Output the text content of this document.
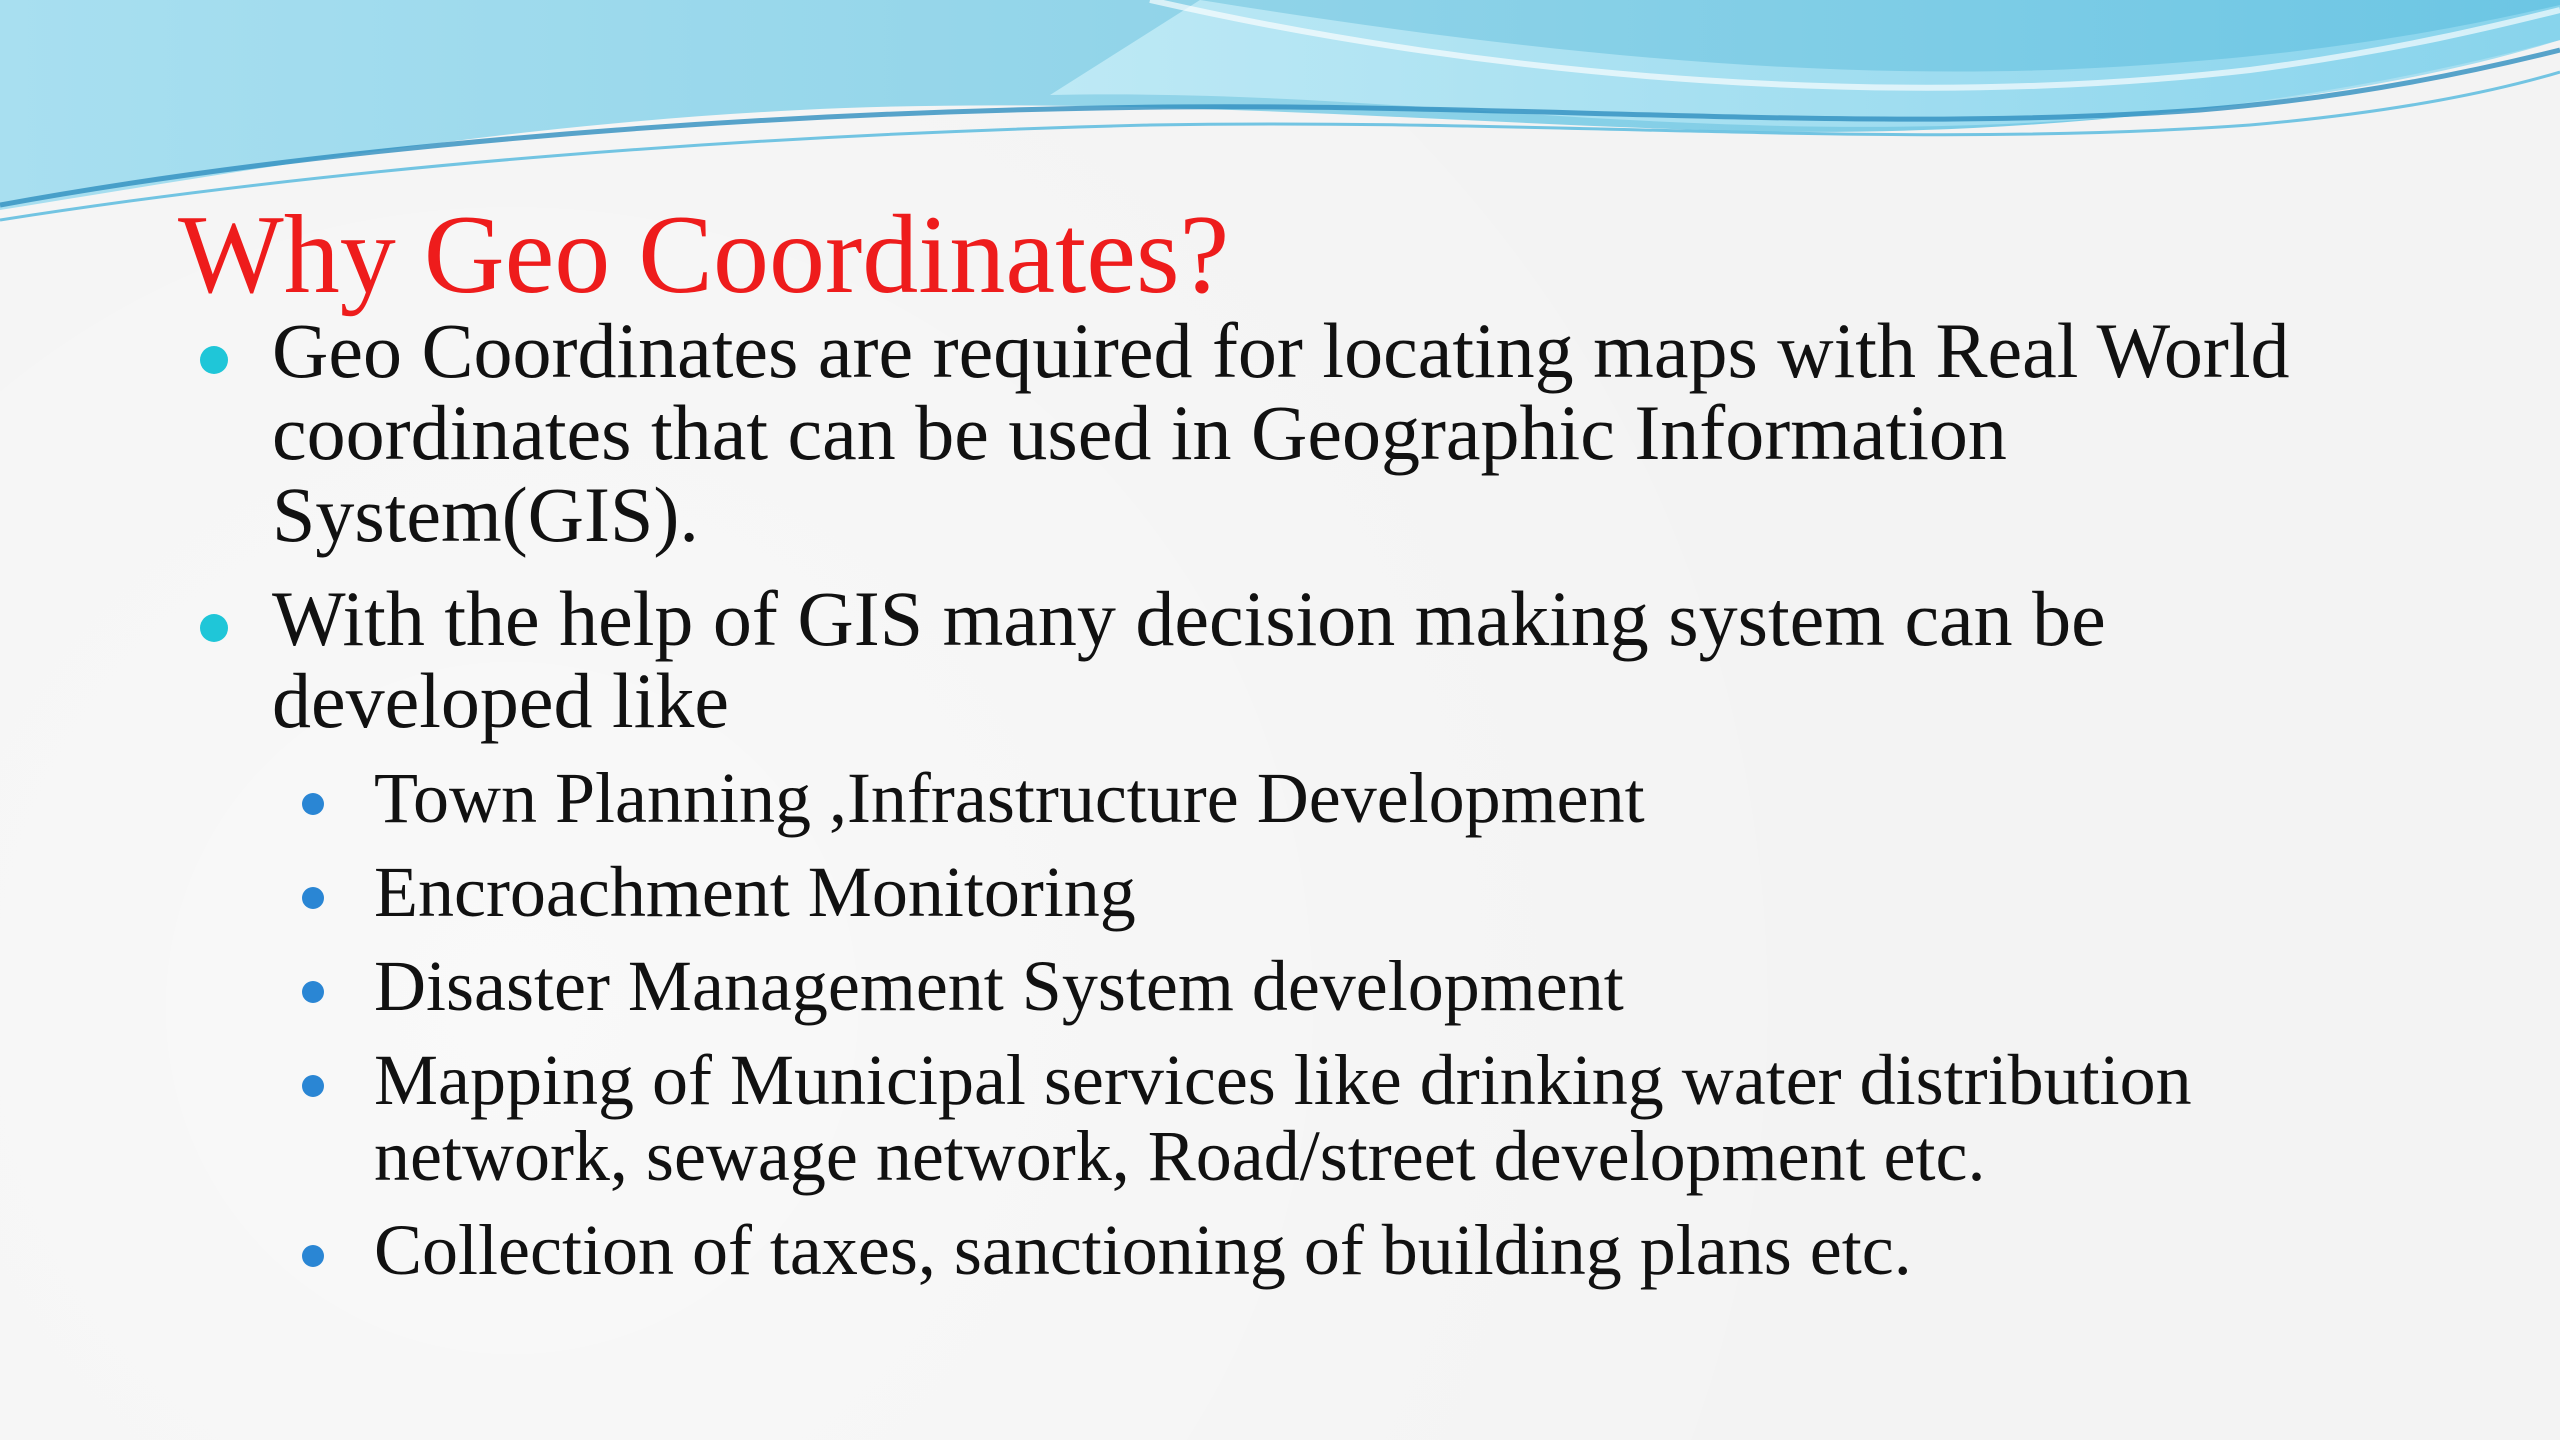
Why Geo Coordinates?
Geo Coordinates are required for locating maps with Real World coordinates that can be used in Geographic Information System(GIS).
With the help of GIS many decision making system can be developed like
Town Planning ,Infrastructure Development
Encroachment Monitoring
Disaster Management System development
Mapping of Municipal services like drinking water distribution network, sewage network, Road/street development etc.
Collection of taxes, sanctioning of building plans etc.
